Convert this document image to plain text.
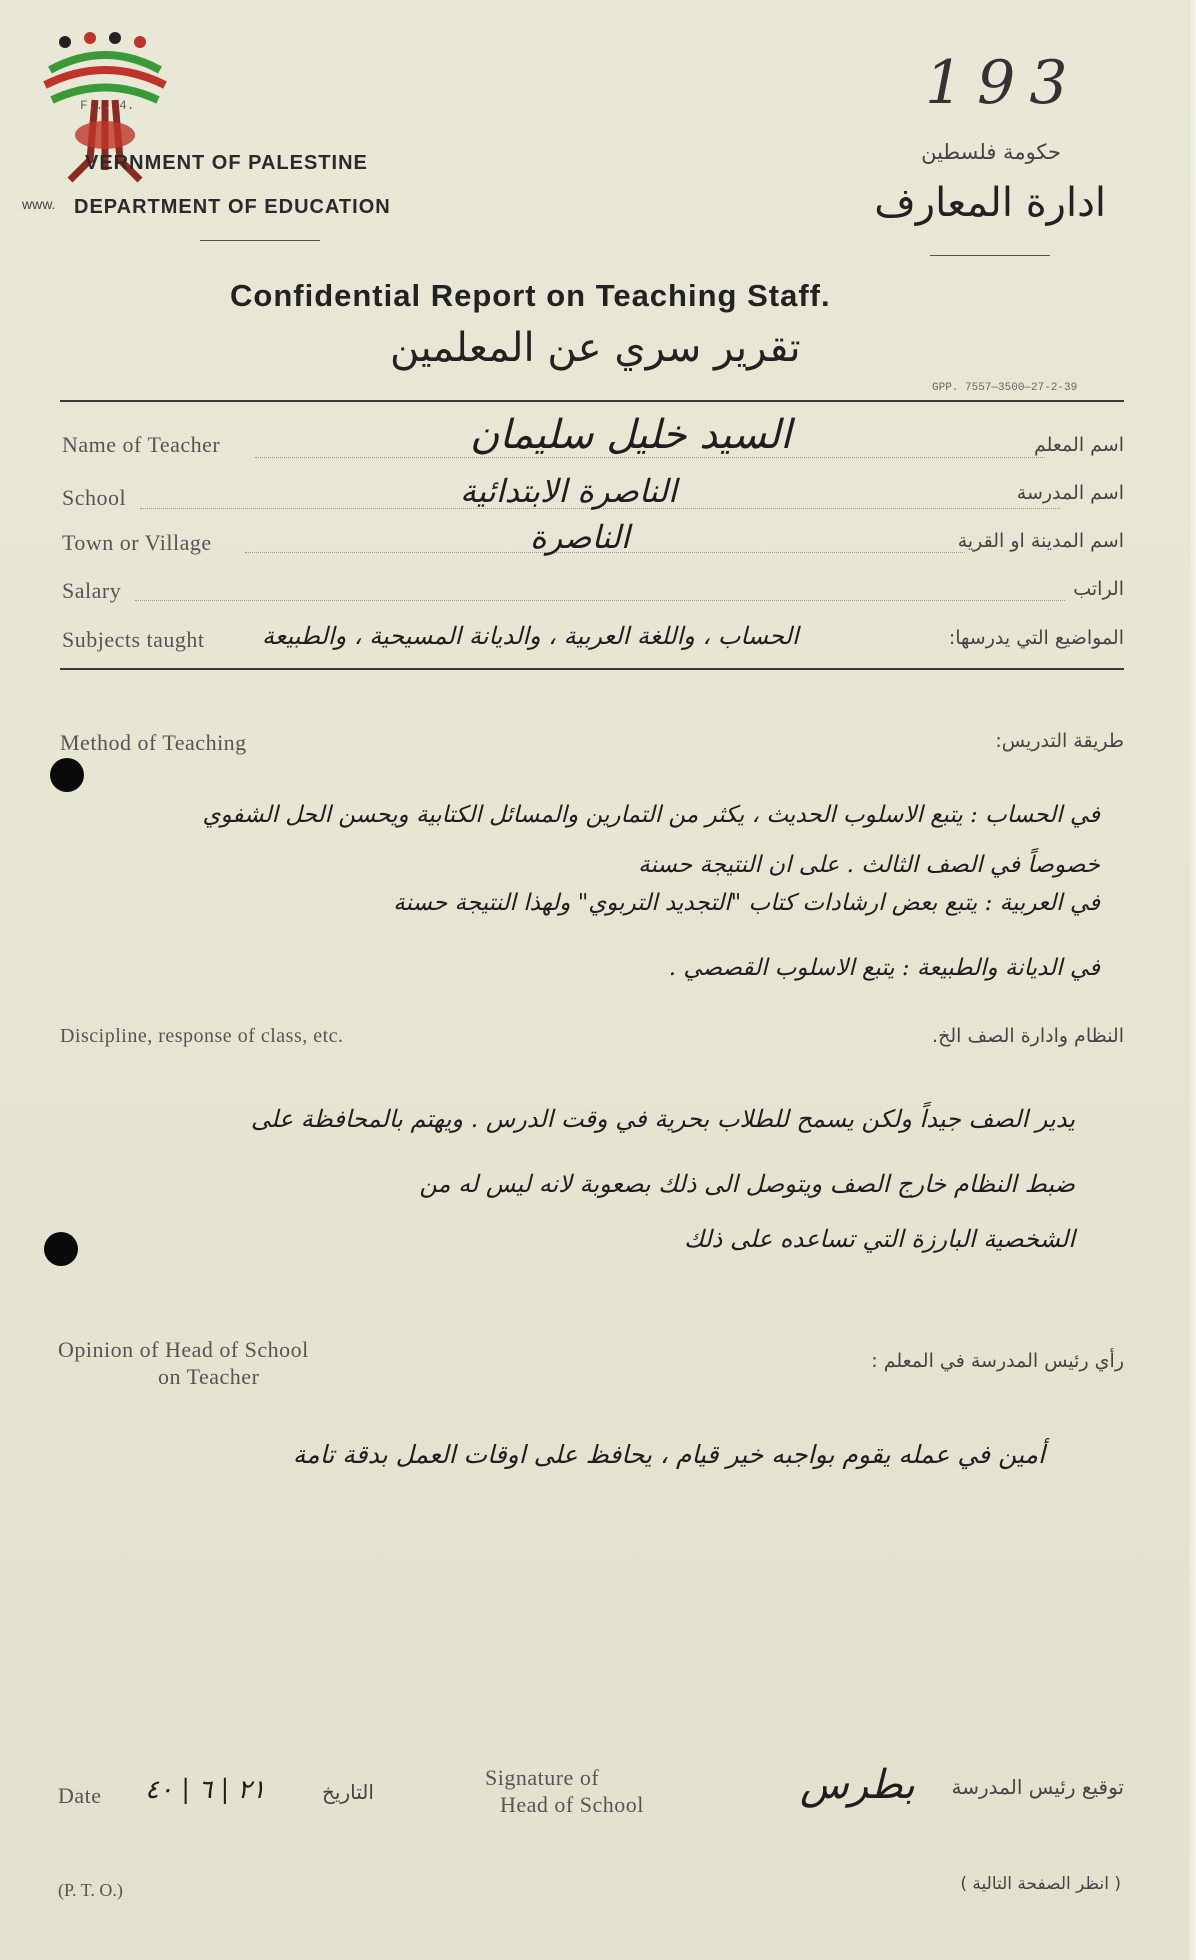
F... 4.
VERNMENT OF PALESTINE
www. DEPARTMENT OF EDUCATION
193
حكومة فلسطين
ادارة المعارف
Confidential Report on Teaching Staff.
تقرير سري عن المعلمين
GPP. 7557—3500—27-2-39
Name of Teacher	السيد خليل سليمان	اسم المعلم
School	الناصرة الابتدائية	اسم المدرسة
Town or Village	الناصرة	اسم المدينة او القرية
Salary	الراتب
Subjects taught الحساب ، واللغة العربية ، والديانة المسيحية ، والطبيعة	المواضيع التي يدرسها:
Method of Teaching	طريقة التدريس:
في الحساب : يتبع الاسلوب الحديث ، يكثر من التمارين والمسائل الكتابية ويحسن الحل الشفوي خصوصاً في الصف الثالث . على ان النتيجة حسنة
في العربية : يتبع بعض ارشادات كتاب "التجديد التربوي" ولهذا النتيجة حسنة
في الديانة والطبيعة : يتبع الاسلوب القصصي .
Discipline, response of class, etc.	النظام وادارة الصف الخ.
يدير الصف جيداً ولكن يسمح للطلاب بحرية في وقت الدرس . ويهتم بالمحافظة على
ضبط النظام خارج الصف ويتوصل الى ذلك بصعوبة لانه ليس له من
الشخصية البارزة التي تساعده على ذلك
Opinion of Head of School
on Teacher
رأي رئيس المدرسة في المعلم :
أمين في عمله يقوم بواجبه خير قيام ، يحافظ على اوقات العمل بدقة تامة
Date ٢١ | ٦ | ٤٠	التاريخ
Signature of
Head of School	بطرس توقيع رئيس المدرسة
(P. T. O.)	( انظر الصفحة التالية )
